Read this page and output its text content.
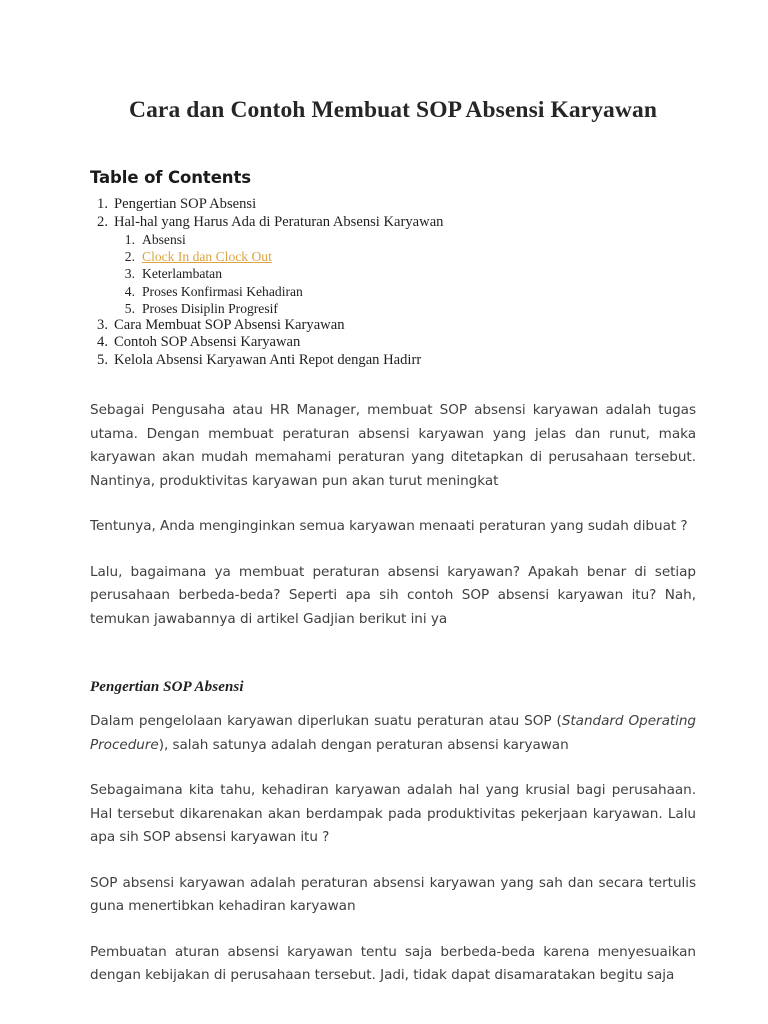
Cara dan Contoh Membuat SOP Absensi Karyawan
Table of Contents
1. Pengertian SOP Absensi
2. Hal-hal yang Harus Ada di Peraturan Absensi Karyawan
1. Absensi
2. Clock In dan Clock Out
3. Keterlambatan
4. Proses Konfirmasi Kehadiran
5. Proses Disiplin Progresif
3. Cara Membuat SOP Absensi Karyawan
4. Contoh SOP Absensi Karyawan
5. Kelola Absensi Karyawan Anti Repot dengan Hadirr

Sebagai Pengusaha atau HR Manager, membuat SOP absensi karyawan adalah tugas utama. Dengan membuat peraturan absensi karyawan yang jelas dan runut, maka karyawan akan mudah memahami peraturan yang ditetapkan di perusahaan tersebut. Nantinya, produktivitas karyawan pun akan turut meningkat

Tentunya, Anda menginginkan semua karyawan menaati peraturan yang sudah dibuat ?

Lalu, bagaimana ya membuat peraturan absensi karyawan? Apakah benar di setiap perusahaan berbeda-beda? Seperti apa sih contoh SOP absensi karyawan itu? Nah, temukan jawabannya di artikel Gadjian berikut ini ya

Pengertian SOP Absensi

Dalam pengelolaan karyawan diperlukan suatu peraturan atau SOP (Standard Operating Procedure), salah satunya adalah dengan peraturan absensi karyawan

Sebagaimana kita tahu, kehadiran karyawan adalah hal yang krusial bagi perusahaan. Hal tersebut dikarenakan akan berdampak pada produktivitas pekerjaan karyawan. Lalu apa sih SOP absensi karyawan itu ?

SOP absensi karyawan adalah peraturan absensi karyawan yang sah dan secara tertulis guna menertibkan kehadiran karyawan

Pembuatan aturan absensi karyawan tentu saja berbeda-beda karena menyesuaikan dengan kebijakan di perusahaan tersebut. Jadi, tidak dapat disamaratakan begitu saja
